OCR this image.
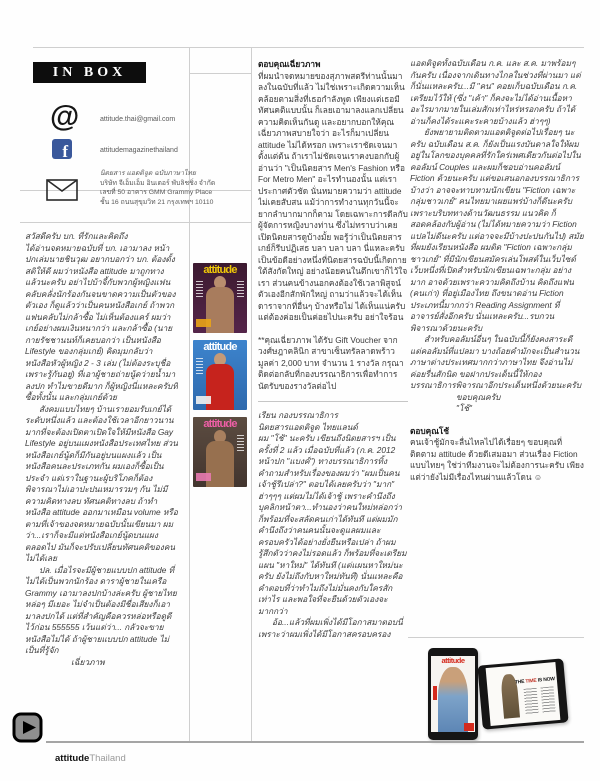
IN BOX
@	attitude.thai@gmail.com
f	attitudemagazinethailand
นิตยสาร แอตติจูด ฉบับภาษาไทย
บริษัท จีเอ็มเอ็ม อินเตอร์ พับลิชชิ่ง จำกัด
เลขที่ 50 อาคาร GMM Grammy Place
ชั้น 16 ถนนสุขุมวิท 21 กรุงเทพฯ 10110

สวัสดีครับ บก. ที่รักและคิดถึง

ได้อ่านจดหมายฉบับที่ บก. เอามาลง หน้าปกเล่มนายชินวุฒ อยากบอกว่า บก. ต้องตั้งสติให้ดี ผมว่าหนังสือ attitude มาถูกทางแล้วนะครับ อย่าไปบ้าจี้กับพวกผู้หญิงแฟนคลับคลั่งนักร้องกันจนขาดความเป็นตัวของตัวเอง ก็ดูแล้วว่าเป็นคนหนังสือเกย์ ถ้าพวกแฟนคลับไม่กล้าซื้อ ไม่เห็นต้องแคร์ ผมว่าเกย์อย่างผมเงินหนากว่า และกล้าซื้อ (นายกายรัชชานนท์ก็เคยบอกว่า เป็นหนังสือ Lifestyle ของกลุ่มเกย์) คิดมุมกลับว่า หนังสือหัวผู้หญิง 2 - 3 เล่ม (ไม่ต้องระบุชื่อเพราะรู้กันอยู่) ที่เอาผู้ชายถ่ายนู้ดว่ายน้ำมาลงปก ทำไมขายดีมาก ก็ผู้หญิงนี่แหละครับที่ซื้อทั้งนั้น และกลุ่มเกย์ด้วย

สังคมแบบไทยๆ บ้านเรายอมรับเกย์ได้ระดับหนึ่งแล้ว และต้องใช้เวลาอีกยาวนานมากที่จะต้องเปิดตาเปิดใจให้มีหนังสือ Gay Lifestyle อยู่บนแผงหนังสือประเทศไทย ส่วนหนังสือเกย์นู้ดก็มีกันอยู่บนแผงแล้ว เป็นหนังสือคนละประเภทกัน ผมเองก็ซื้อเป็นประจำ แต่เราในฐานะผู้บริโภคก็ต้องพิจารณาไม่เอาปะปนเหมารวมๆ กัน ไม่มีความคิดทางลบ ทัศนคติทางลบ ถ้าทำหนังสือ attitude ออกมาเหมือน volume หรือตามที่เจ้าของจดหมายฉบับนั้นเขียนมา ผมว่า...เราก็จะมีแต่หนังสือเกย์นู้ดบนแผงตลอดไป มันก็จะปรับเปลี่ยนทัศนคติของคนไม่ได้เลย

ปล. เมื่อไรจะมีผู้ชายแบบปก attitude ที่ไม่ได้เป็นพวกนักร้อง ดาราผู้ชายในเครือ Grammy เอามาลงปกบ้างล่ะครับ ผู้ชายไทยหล่อๆ มีเยอะ ไม่จำเป็นต้องมีชื่อเสียงก็เอามาลงปกได้ แต่ที่สำคัญคือควรหล่อหรือดูดีไว้ก่อน 555555 เว้นแต่ว่า... กลัวจะขายหนังสือไม่ได้ ถ้าผู้ชายแบบปก attitude ไม่เป็นที่รู้จัก

เฉี่ยวภาพ

attitude
attitude
attitude

ตอบคุณเฉี่ยวภาพ

ที่ผมนำจดหมายของสุภาพสตรีท่านนั้นมาลงในฉบับที่แล้ว ไม่ใช่เพราะเกิดความเห็นคล้อยตามสิ่งที่เธอกำลังพูด เพียงแต่เธอมีทัศนคติแบบนั้น ก็เลยเอามาลงแลกเปลี่ยนความคิดเห็นกันดู และอยากบอกให้คุณเฉี่ยวภาพสบายใจว่า อะไรก็มาเปลี่ยน attitude ไม่ได้หรอก เพราะเราชัดเจนมาตั้งแต่ต้น ถ้าเราไม่ชัดเจนเราคงบอกกับผู้อ่านว่า "เป็นนิตยสาร Men's Fashion หรือ For Metro Men" อะไรทำนองนั้น แต่เราประกาศตัวชัด นั่นหมายความว่า attitude ไม่เคยสับสน แม้ว่าการทำงานทุกวันนี้จะยากลำบากมากก็ตาม โดยเฉพาะการดีลกับผู้จัดการหญิงบางท่าน ซึ่งไม่ทราบว่าเคยเปิดนิตยสารดูบ้างมั้ย พอรู้ว่าเป็นนิตยสารเกย์ก็รีบปฏิเสธ บลา บลา บลา นี่แหละครับ เป็นข้อดีอย่างหนึ่งที่นิตยสารฉบับนี้เกิดกายใต้สังกัดใหญ่ อย่างน้อยคนในตึกเขาก็ไว้ใจเรา ส่วนคนข้างนอกคงต้องใช้เวลาพิสูจน์ตัวเองอีกสักพักใหญ่ ถามว่าแล้วจะได้เห็นดาราจากที่อื่นๆ บ้างหรือไม่ ได้เห็นแน่ครับ แต่ต้องค่อยเป็นค่อยไปนะครับ อย่าใจร้อน

**คุณเฉี่ยวภาพ ได้รับ Gift Voucher จากวงศ์ษฎาคลินิก สาขาเซ็นทรัลลาดพร้าว มูลค่า 2,000 บาท จำนวน 1 รางวัล กรุณาติดต่อกลับที่กองบรรณาธิการเพื่อทำการนัดรับของรางวัลต่อไป

เรียน กองบรรณาธิการ

นิตยสารแอตติจูด ไทยแลนด์

ผม "โช้" นะครับ เขียนถึงนิตยสารฯ เป็นครั้งที่ 2 แล้ว เมื่อฉบับที่แล้ว (ก.ค. 2012 หน้าปก "แบงค์") ทางบรรณาธิการทิ้งคำถามสำหรับเรื่องของผมว่า "ผมเป็นคนเจ้าชู้รึเปล่า?" ตอบได้เลยครับว่า "มาก" ฮ่าๆๆๆ แต่ผมไม่ได้เจ้าชู้ เพราะคำนึงถึงบุคลิกหน้าตา...ทำนองว่าคนใหม่หล่อกว่า ก็พร้อมที่จะสลัดคนเก่าได้ทันที แต่ผมมักคำนึงถึงว่าคนคนนั้นจะดูแลผมและครอบครัวได้อย่างยั่งยืนหรือเปล่า ถ้าผมรู้สึกตัวว่าคงไม่รอดแล้ว ก็พร้อมที่จะเตรียมแผน "หาใหม่" ได้ทันที (แต่แผนหาใหม่นะครับ ยังไม่ถึงกับหาใหม่ทันที) นั่นแหละคือคำตอบที่ว่าทำไมถึงไม่มั่นคงกับใครสักเท่าไร และพอใจที่จะยืนด้วยตัวเองจะมากกว่า

อ้อ...แล้วที่ผมเพิ่งได้มีโอกาสมาตอบนี่ เพราะว่าผมเพิ่งได้มีโอกาสครอบครอง

แอตติจูดทั้งฉบับเดือน ก.ค. และ ส.ค. มาพร้อมๆ กันครับ เนื่องจากเดินทางไกลในช่วงที่ผ่านมา แต่ก็นั่นแหละครับ...มี "คน" คอยเก็บฉบับเดือน ก.ค. เตรียมไว้ให้ (ซึ่ง "เค้า" ก็คงจะไม่ได้อ่านเนื้อหาอะไรมากมายในเล่มสักเท่าไหร่หรอกครับ ถ้าได้อ่านก็คงได้ระแคะระคายบ้างแล้ว ฮ่าๆๆ)

ยังพยายามติดตามแอตติจูดต่อไปเรื่อยๆ นะครับ ฉบับเดือน ส.ค. ก็ยังเป็นแรงบันดาลใจให้ผมอยู่ในโลกของบุคคลที่รักใคร่เพศเดียวกันต่อไปในคอลัมน์ Couples และผมก็ชอบอ่านคอลัมน์ Fiction ด้วยนะครับ แต่ขอเสนอกองบรรณาธิการบ้างว่า อาจจะทาบทามนักเขียน "Fiction เฉพาะกลุ่มชาวเกย์" คนไทยมาเผยแพร่บ้างก็ดีนะครับ เพราะบริบททางด้านวัฒนธรรม แนวคิด ก็สอดคล้องกับผู้อ่าน (ไม่ได้หมายความว่า Fiction แปลไม่ดีนะครับ แต่อาจจะมีบ้างปะปนกันไป) สมัยที่ผมยังเรียนหนังสือ ผมติด "Fiction เฉพาะกลุ่มชาวเกย์" ที่มีนักเขียนสมัครเล่นโพสต์ในเว็บไซต์เว็บหนึ่งที่เปิดสำหรับนักเขียนเฉพาะกลุ่ม อย่างมาก อาจด้วยเพราะความคิดถึงบ้าน คิดถึงแฟน (คนเก่า) ที่อยู่เมืองไทย ถึงขนาดอ่าน Fiction ประเภทนี้มากกว่า Reading Assignment ที่อาจารย์สั่งอีกครับ นั่นแหละครับ...รบกวนพิจารณาด้วยนะครับ

สำหรับคอลัมน์อื่นๆ ในฉบับนี้ก็ยังคงสาระดี แต่คอลัมน์ที่แปลมา บางถ้อยคำมักจะเป็นสำนวนภาษาต่างประเทศมากกว่าภาษาไทย จึงอ่านไม่ค่อยรื่นสักนิด ขอฝากประเด็นนี้ให้กองบรรณาธิการพิจารณาอีกประเด็นหนึ่งด้วยนะครับ

ขอบคุณครับ

"โช้"

ตอบคุณโช้

คนเจ้าชู้มักจะลื่นไหลไปได้เรื่อยๆ ขอบคุณที่ติดตาม attitude ด้วยดีเสมอมา ส่วนเรื่อง Fiction แบบไทยๆ ใช่ว่าทีมงานจะไม่ต้องการนะครับ เพียงแต่ว่ายังไม่มีเรื่องไหนผ่านแล้วโดน ☺

attitude
THE TIME IS NOW
attitudeThailand
